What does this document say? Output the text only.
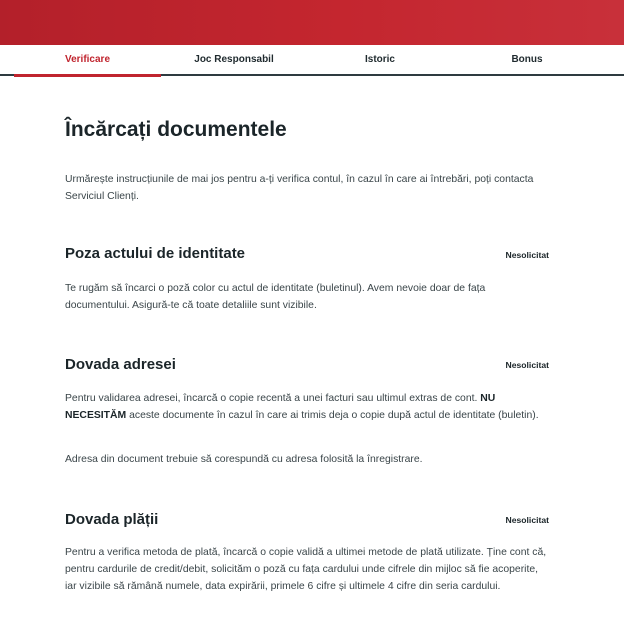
Verificare	Joc Responsabil	Istoric	Bonus
Încărcați documentele

Urmărește instrucțiunile de mai jos pentru a-ți verifica contul, în cazul în care ai întrebări, poți contacta Serviciul Clienți.

Poza actului de identitate	Nesolicitat

Te rugăm să încarci o poză color cu actul de identitate (buletinul). Avem nevoie doar de fața documentului. Asigură-te că toate detaliile sunt vizibile.

Dovada adresei	Nesolicitat

Pentru validarea adresei, încarcă o copie recentă a unei facturi sau ultimul extras de cont. NU NECESITĂM aceste documente în cazul în care ai trimis deja o copie după actul de identitate (buletin).

Adresa din document trebuie să corespundă cu adresa folosită la înregistrare.

Dovada plății	Nesolicitat

Pentru a verifica metoda de plată, încarcă o copie validă a ultimei metode de plată utilizate. Ține cont că, pentru cardurile de credit/debit, solicităm o poză cu fața cardului unde cifrele din mijloc să fie acoperite, iar vizibile să rămână numele, data expirării, primele 6 cifre și ultimele 4 cifre din seria cardului.
